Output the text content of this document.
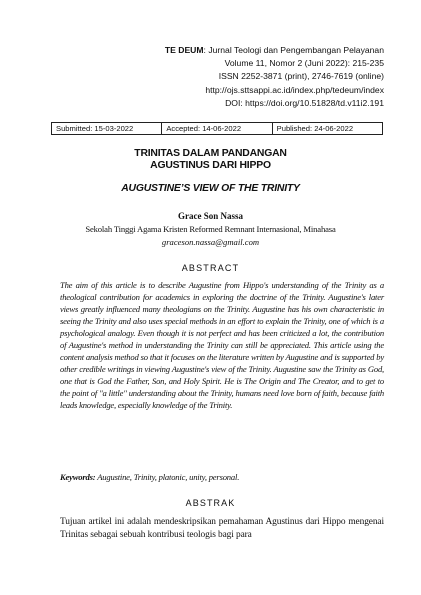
TE DEUM: Jurnal Teologi dan Pengembangan Pelayanan
Volume 11, Nomor 2 (Juni 2022): 215-235
ISSN 2252-3871 (print), 2746-7619 (online)
http://ojs.sttsappi.ac.id/index.php/tedeum/index
DOI: https://doi.org/10.51828/td.v11i2.191
Submitted: 15-03-2022	Accepted: 14-06-2022	Published: 24-06-2022
TRINITAS DALAM PANDANGAN
AGUSTINUS DARI HIPPO
AUGUSTINE’S VIEW OF THE TRINITY
Grace Son Nassa
Sekolah Tinggi Agama Kristen Reformed Remnant Internasional, Minahasa
graceson.nassa@gmail.com
ABSTRACT

The aim of this article is to describe Augustine from Hippo's understanding of the Trinity as a theological contribution for academics in exploring the doctrine of the Trinity. Augustine's later views greatly influenced many theologians on the Trinity. Augustine has his own characteristic in seeing the Trinity and also uses special methods in an effort to explain the Trinity, one of which is a psychological analogy. Even though it is not perfect and has been criticized a lot, the contribution of Augustine's method in understanding the Trinity can still be appreciated. This article using the content analysis method so that it focuses on the literature written by Augustine and is supported by other credible writings in viewing Augustine's view of the Trinity. Augustine saw the Trinity as God, one that is God the Father, Son, and Holy Spirit. He is The Origin and The Creator, and to get to the point of "a little" understanding about the Trinity, humans need love born of faith, because faith leads knowledge, especially knowledge of the Trinity.

Keywords: Augustine, Trinity, platonic, unity, personal.
ABSTRAK

Tujuan artikel ini adalah mendeskripsikan pemahaman Agustinus dari Hippo mengenai Trinitas sebagai sebuah kontribusi teologis bagi para
